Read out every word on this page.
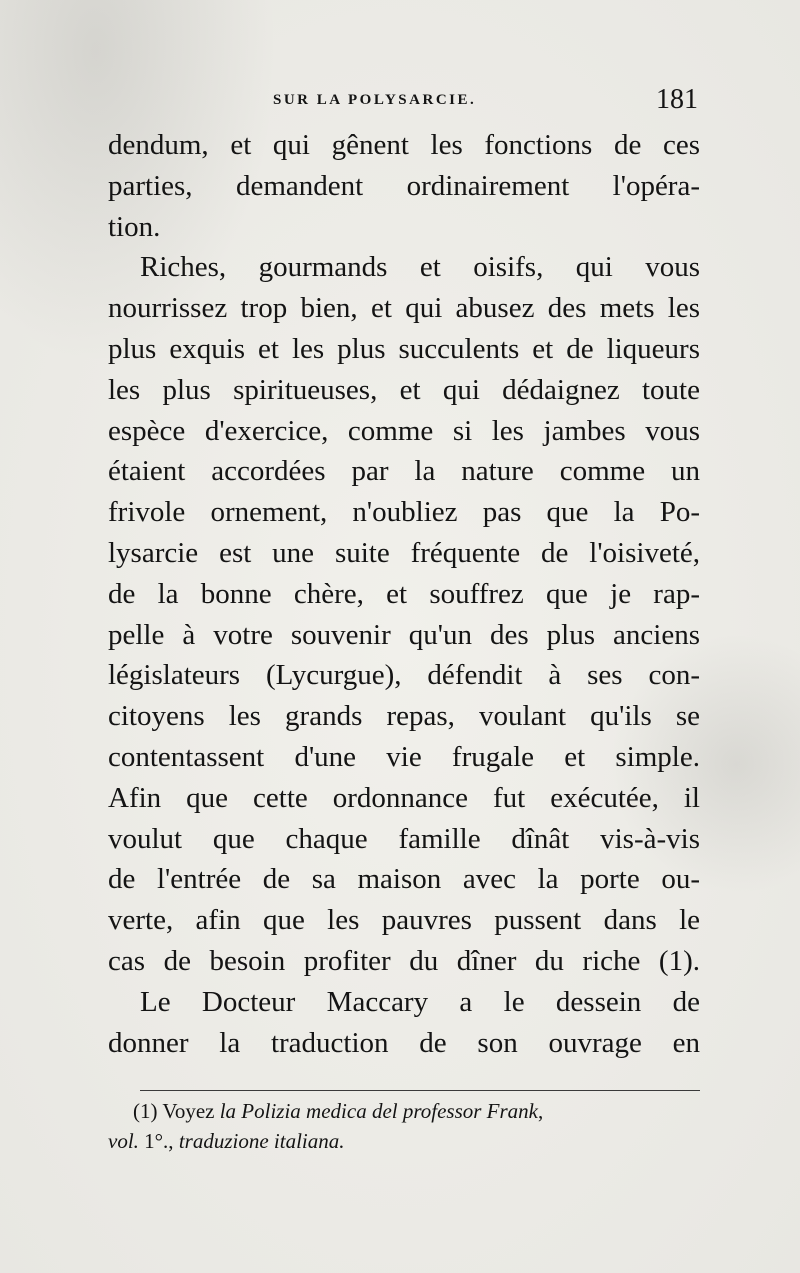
SUR LA POLYSARCIE.	181
dendum, et qui gênent les fonctions de ces
parties, demandent ordinairement l'opéra-
tion.
Riches, gourmands et oisifs, qui vous
nourrissez trop bien, et qui abusez des mets les
plus exquis et les plus succulents et de liqueurs
les plus spiritueuses, et qui dédaignez toute
espèce d'exercice, comme si les jambes vous
étaient accordées par la nature comme un
frivole ornement, n'oubliez pas que la Po-
lysarcie est une suite fréquente de l'oisiveté,
de la bonne chère, et souffrez que je rap-
pelle à votre souvenir qu'un des plus anciens
législateurs (Lycurgue), défendit à ses con-
citoyens les grands repas, voulant qu'ils se
contentassent d'une vie frugale et simple.
Afin que cette ordonnance fut exécutée, il
voulut que chaque famille dînât vis-à-vis
de l'entrée de sa maison avec la porte ou-
verte, afin que les pauvres pussent dans le
cas de besoin profiter du dîner du riche (1).
Le Docteur Maccary a le dessein de
donner la traduction de son ouvrage en
(1) Voyez la Polizia medica del professor Frank,
vol. 1°., traduzione italiana.
